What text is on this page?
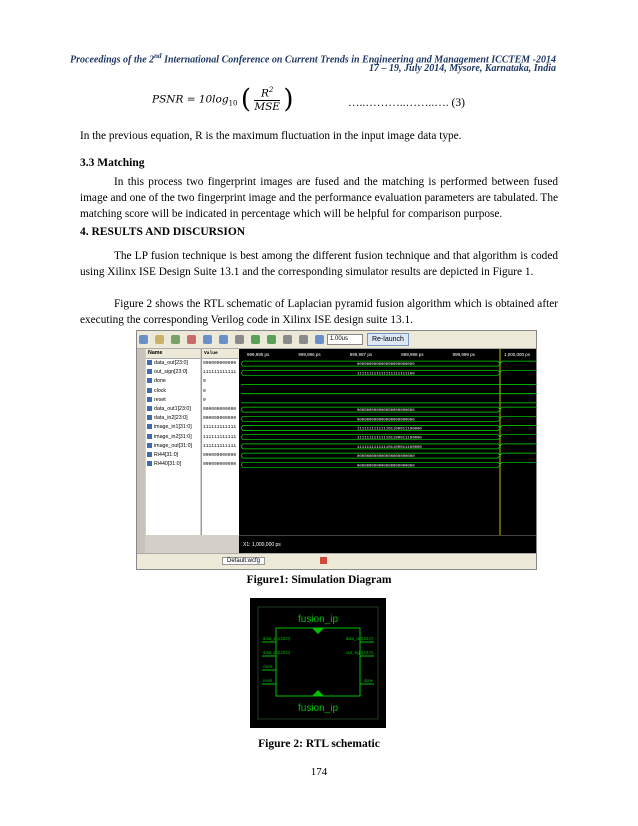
Proceedings of the 2nd International Conference on Current Trends in Engineering and Management ICCTEM -2014
17 – 19, July 2014, Mysore, Karnataka, India
PSNR = $10\log_{10}$ ( $\frac{R^2}{\text{MSE}}$ )	…..………..……..…. (3)
In the previous equation, R is the maximum fluctuation in the input image data type.
3.3 Matching
In this process two fingerprint images are fused and the matching is performed between fused image and one of the two fingerprint image and the performance evaluation parameters are tabulated. The matching score will be indicated in percentage which will be helpful for comparison purpose.
4. RESULTS AND DISCURSION
The LP fusion technique is best among the different fusion technique and that algorithm is coded using Xilinx ISE Design Suite 13.1 and the corresponding simulator results are depicted in Figure 1.
Figure 2 shows the RTL schematic of Laplacian pyramid fusion algorithm which is obtained after executing the corresponding Verilog code in Xilinx ISE design suite 13.1.

1.00us	Re-launch
Name
data_out[23:0]
out_sign[23:0]
done
clock
reset
data_out1[23:0]
data_in2[23:0]
image_in1[31:0]
image_in2[31:0]
image_out[31:0]
Ri44[31:0]
Ri440[31:0]
Value
000000000000
111111111111
0
0
0
000000000000
000000000000
111111111111
111111111111
111111111111
000000000000
000000000000
999,995 ps	999,996 ps	999,997 ps	999,998 ps	999,999 ps	1,000,000 ps
000000000000000000000000
111111111111111111111100
000000000000000000000000
000000000000000000000000
111111111111101100011100000
111111111111101100011100000
111111111111101100011100000
000000000000000000000000
000000000000000000000000
X1: 1,000,000 ps
Default.wcfg
Figure1: Simulation Diagram
fusion_ip
fusion_ip
data_in1(23:0)
data_in2(23:0)
clock
reset
data_out(23:0)
out_sign(23:0)
done
Figure 2: RTL schematic
174
